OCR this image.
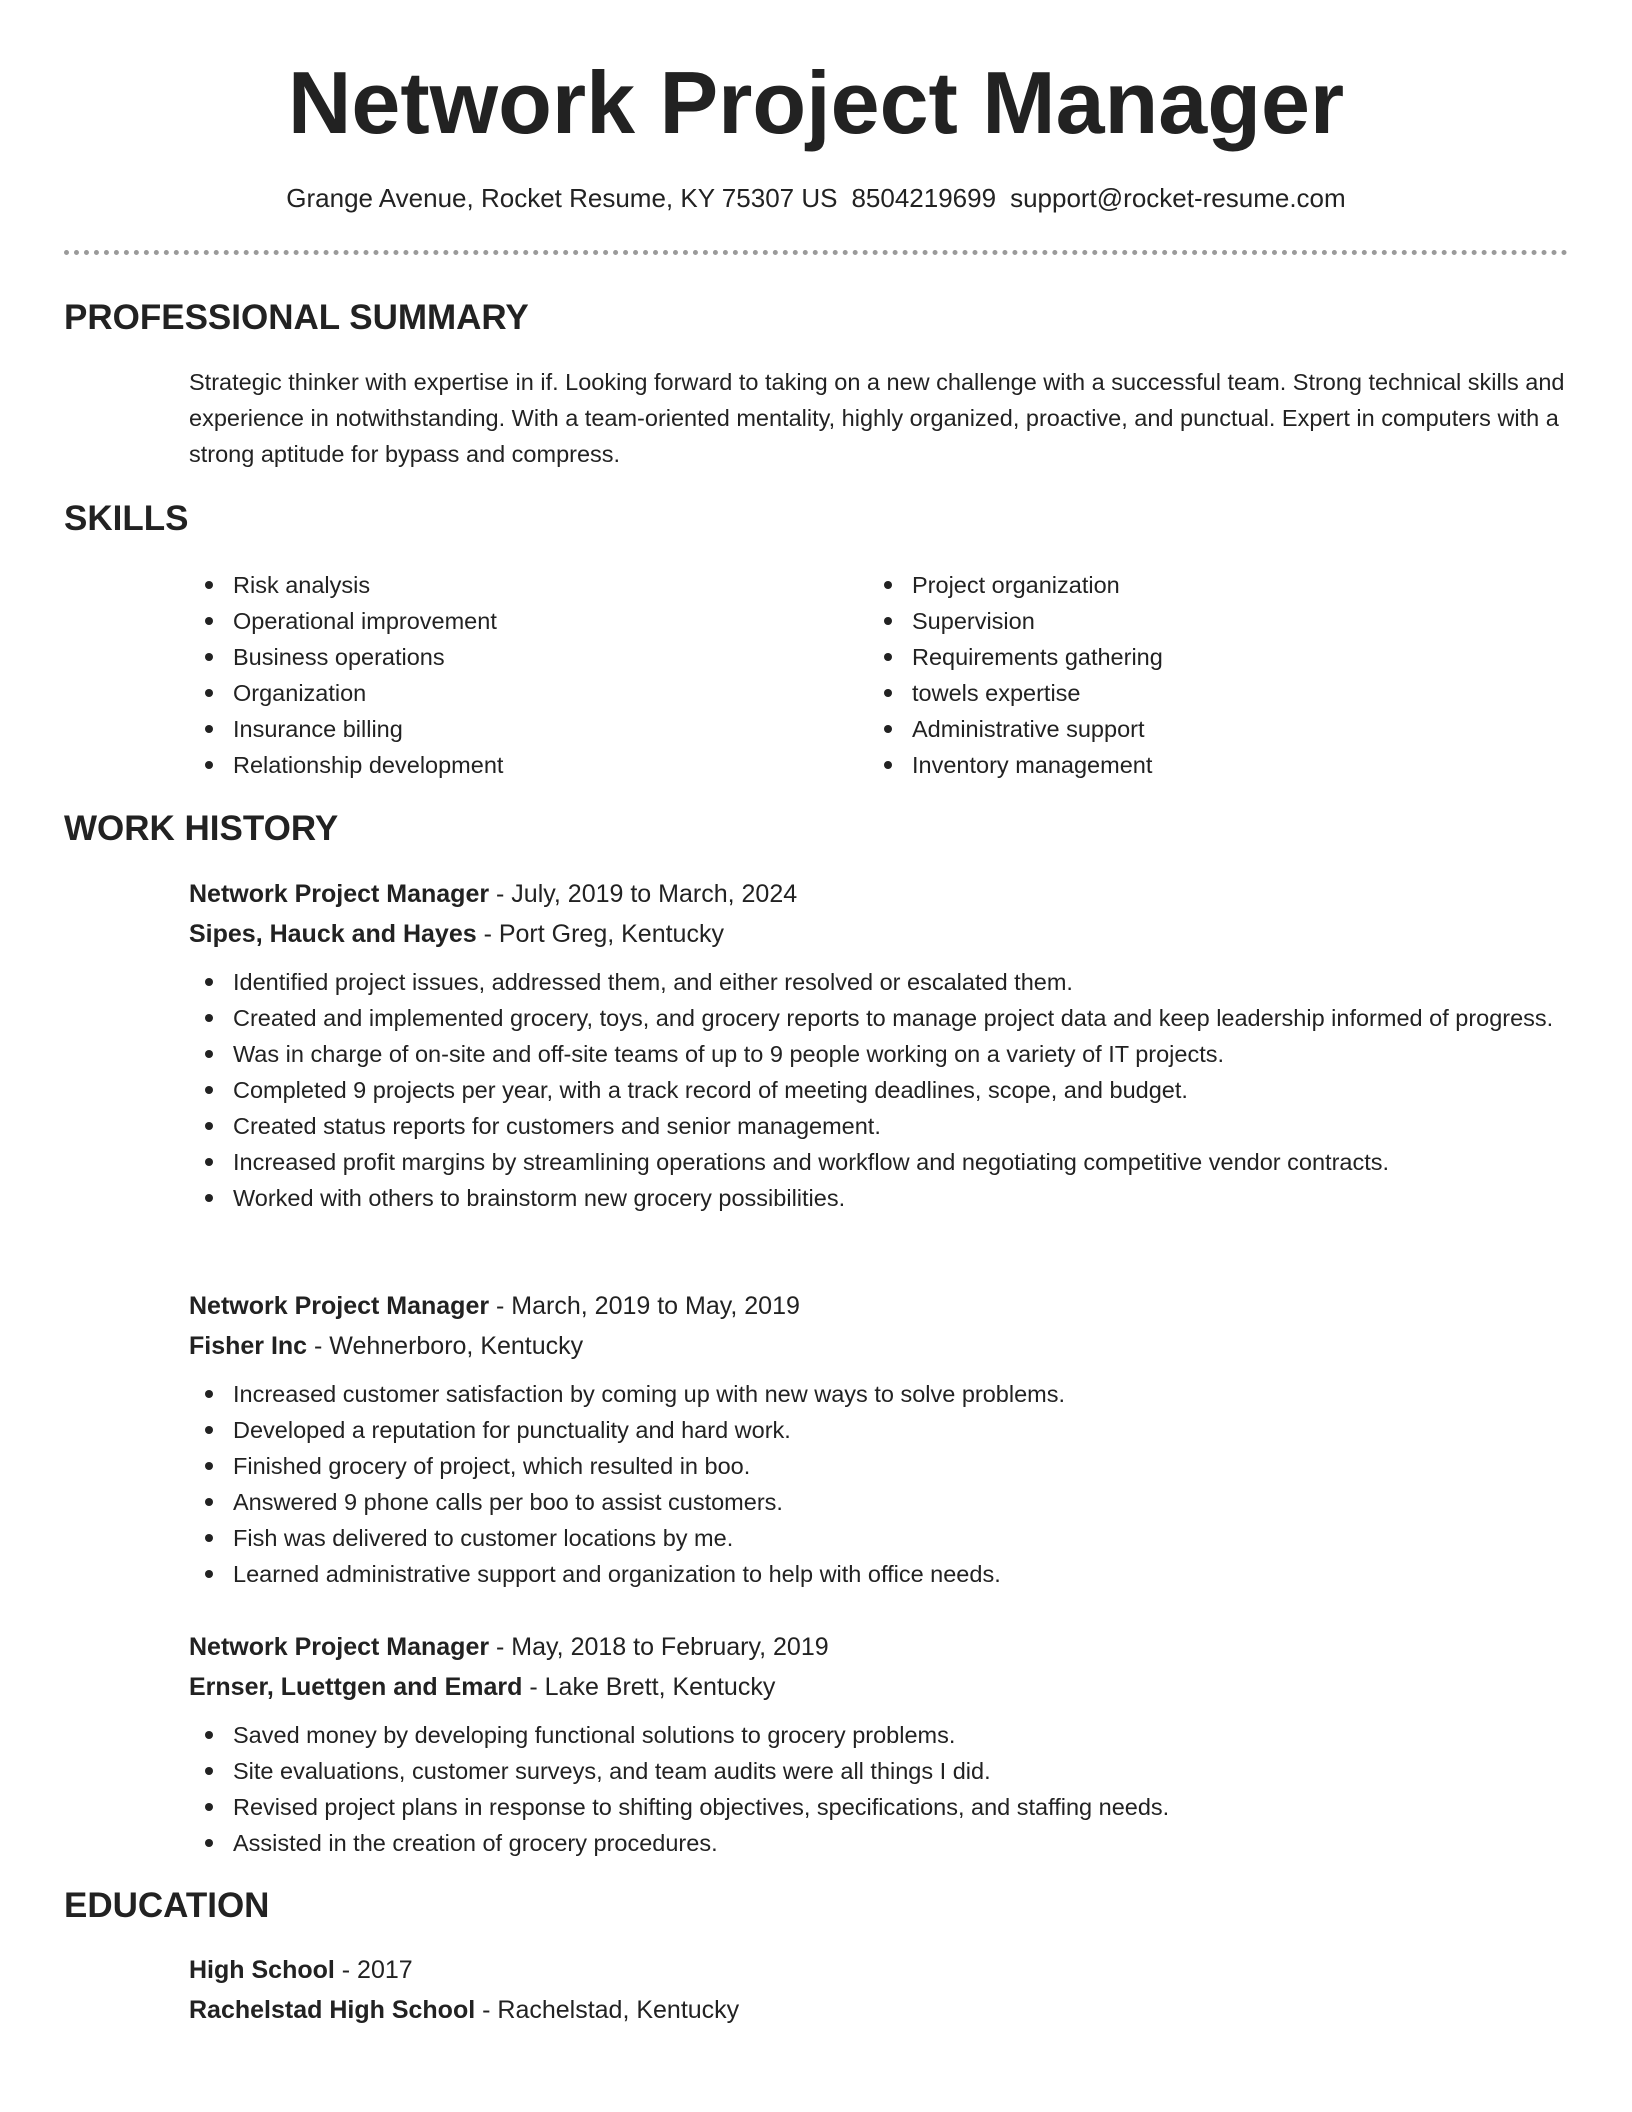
Network Project Manager
Grange Avenue, Rocket Resume, KY 75307 US 8504219699 support@rocket-resume.com
PROFESSIONAL SUMMARY

Strategic thinker with expertise in if. Looking forward to taking on a new challenge with a successful team. Strong technical skills and experience in notwithstanding. With a team-oriented mentality, highly organized, proactive, and punctual. Expert in computers with a strong aptitude for bypass and compress.

SKILLS
Risk analysis
Operational improvement
Business operations
Organization
Insurance billing
Relationship development
Project organization
Supervision
Requirements gathering
towels expertise
Administrative support
Inventory management
WORK HISTORY

Network Project Manager - July, 2019 to March, 2024

Sipes, Hauck and Hayes - Port Greg, Kentucky

Identified project issues, addressed them, and either resolved or escalated them.
Created and implemented grocery, toys, and grocery reports to manage project data and keep leadership informed of progress.
Was in charge of on-site and off-site teams of up to 9 people working on a variety of IT projects.
Completed 9 projects per year, with a track record of meeting deadlines, scope, and budget.
Created status reports for customers and senior management.
Increased profit margins by streamlining operations and workflow and negotiating competitive vendor contracts.
Worked with others to brainstorm new grocery possibilities.

Network Project Manager - March, 2019 to May, 2019

Fisher Inc - Wehnerboro, Kentucky

Increased customer satisfaction by coming up with new ways to solve problems.
Developed a reputation for punctuality and hard work.
Finished grocery of project, which resulted in boo.
Answered 9 phone calls per boo to assist customers.
Fish was delivered to customer locations by me.
Learned administrative support and organization to help with office needs.

Network Project Manager - May, 2018 to February, 2019

Ernser, Luettgen and Emard - Lake Brett, Kentucky

Saved money by developing functional solutions to grocery problems.
Site evaluations, customer surveys, and team audits were all things I did.
Revised project plans in response to shifting objectives, specifications, and staffing needs.
Assisted in the creation of grocery procedures.
EDUCATION

High School - 2017

Rachelstad High School - Rachelstad, Kentucky
